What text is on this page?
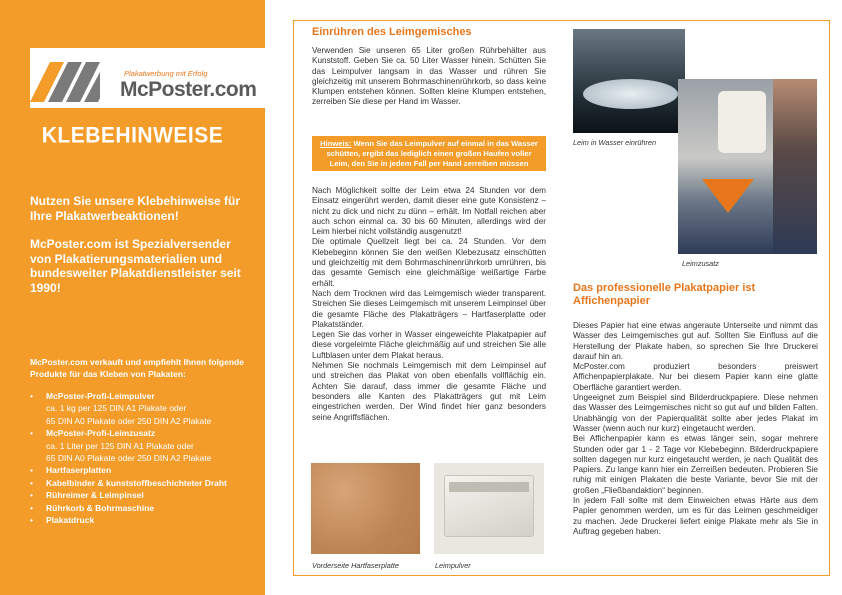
Plakatwerbung mit Erfolg
McPoster.com
KLEBEHINWEISE

Nutzen Sie unsere Klebehinweise für Ihre Plakatwerbeaktionen!

McPoster.com ist Spezialversender von Plakatierungsmaterialien und bundesweiter Plakatdienstleister seit 1990!

McPoster.com verkauft und empfiehlt Ihnen folgende Produkte für das Kleben von Plakaten:
• McPoster-Profi-Leimpulver
ca. 1 kg per 125 DIN A1 Plakate oder
65 DIN A0 Plakate oder 250 DIN A2 Plakate
• McPoster-Profi-Leimzusatz
ca. 1 Liter per 125 DIN A1 Plakate oder
65 DIN A0 Plakate oder 250 DIN A2 Plakate
• Hartfaserplatten
• Kabelbinder & kunststoffbeschichteter Draht
• Rühreimer & Leimpinsel
• Rührkorb & Bohrmaschine
• Plakatdruck
Einrühren des Leimgemisches
Verwenden Sie unseren 65 Liter großen Rührbehälter aus Kunststoff. Geben Sie ca. 50 Liter Wasser hinein. Schütten Sie das Leimpulver langsam in das Wasser und rühren Sie gleichzeitig mit unserem Bohrmaschinenrührkorb, so dass keine Klumpen entstehen können. Sollten kleine Klumpen entstehen, zerreiben Sie diese per Hand im Wasser.
Hinweis: Wenn Sie das Leimpulver auf einmal in das Wasser schütten, ergibt das lediglich einen großen Haufen voller Leim, den Sie in jedem Fall per Hand zerreiben müssen

Nach Möglichkeit sollte der Leim etwa 24 Stunden vor dem Einsatz eingerührt werden, damit dieser eine gute Konsistenz – nicht zu dick und nicht zu dünn – erhält. Im Notfall reichen aber auch schon einmal ca. 30 bis 60 Minuten, allerdings wird der Leim hierbei nicht vollständig ausgenutzt!

Die optimale Quellzeit liegt bei ca. 24 Stunden. Vor dem Klebebeginn können Sie den weißen Klebezusatz einschütten und gleichzeitig mit dem Bohrmaschinenrührkorb umrühren, bis das gesamte Gemisch eine gleichmäßige weißartige Farbe erhält.

Nach dem Trocknen wird das Leimgemisch wieder transparent. Streichen Sie dieses Leimgemisch mit unserem Leimpinsel über die gesamte Fläche des Plakatträgers – Hartfaserplatte oder Plakatständer.

Legen Sie das vorher in Wasser eingeweichte Plakatpapier auf diese vorgeleimte Fläche gleichmäßig auf und streichen Sie alle Luftblasen unter dem Plakat heraus.

Nehmen Sie nochmals Leimgemisch mit dem Leimpinsel auf und streichen das Plakat von oben ebenfalls vollflächig ein. Achten Sie darauf, dass immer die gesamte Fläche und besonders alle Kanten des Plakatträgers gut mit Leim eingestrichen werden. Der Wind findet hier ganz besonders seine Angriffsflächen.

Vorderseite Hartfaserplatte	Leimpulver
Leim in Wasser einrühren
Leimzusatz
Das professionelle Plakatpapier ist Affichenpapier

Dieses Papier hat eine etwas angeraute Unterseite und nimmt das Wasser des Leimgemisches gut auf. Sollten Sie Einfluss auf die Herstellung der Plakate haben, so sprechen Sie Ihre Druckerei darauf hin an.

McPoster.com produziert besonders preiswert Affichenpapierplakate. Nur bei diesem Papier kann eine glatte Oberfläche garantiert werden.

Ungeeignet zum Beispiel sind Bilderdruckpapiere. Diese nehmen das Wasser des Leimgemisches nicht so gut auf und bilden Falten. Unabhängig von der Papierqualität sollte aber jedes Plakat im Wasser (wenn auch nur kurz) eingetaucht werden.

Bei Affichenpapier kann es etwas länger sein, sogar mehrere Stunden oder gar 1 - 2 Tage vor Klebebeginn. Bilderdruckpapiere sollten dagegen nur kurz eingetaucht werden, je nach Qualität des Papiers. Zu lange kann hier ein Zerreißen bedeuten. Probieren Sie ruhig mit einigen Plakaten die beste Variante, bevor Sie mit der großen „Fließbandaktion“ beginnen.

In jedem Fall sollte mit dem Einweichen etwas Härte aus dem Papier genommen werden, um es für das Leimen geschmeidiger zu machen. Jede Druckerei liefert einige Plakate mehr als Sie in Auftrag gegeben haben.
